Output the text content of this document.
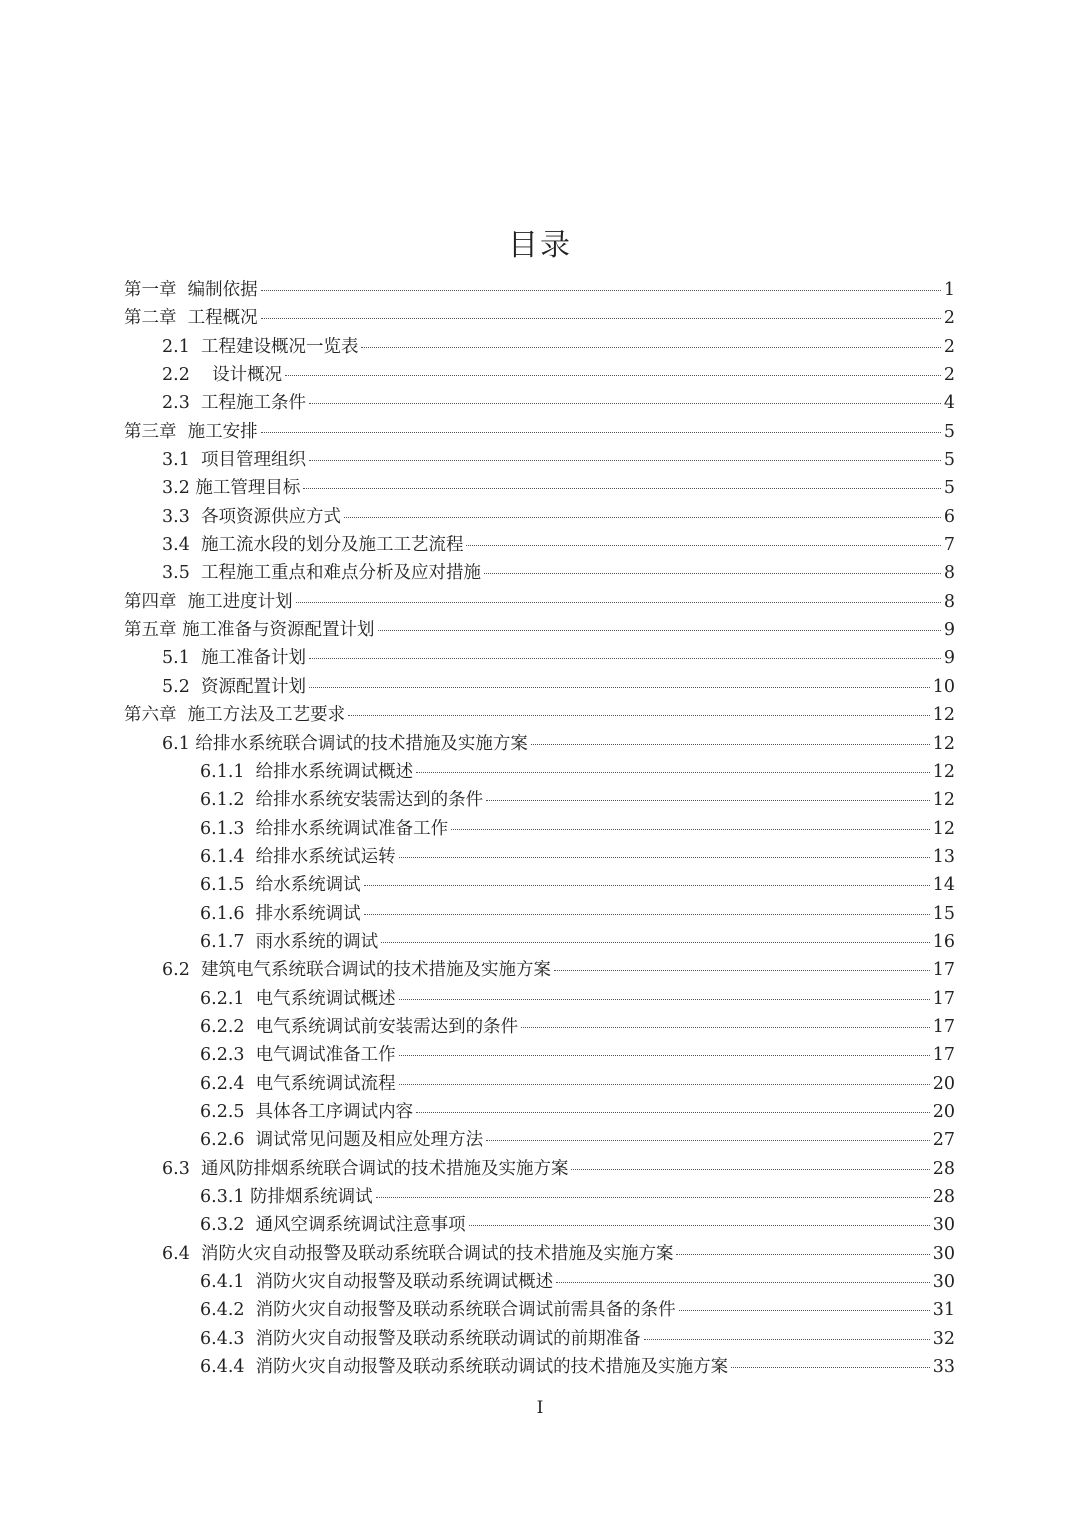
目录
第一章  编制依据	1
第二章  工程概况	2
2.1  工程建设概况一览表	2
2.2    设计概况	2
2.3  工程施工条件	4
第三章  施工安排	5
3.1  项目管理组织	5
3.2 施工管理目标	5
3.3  各项资源供应方式	6
3.4  施工流水段的划分及施工工艺流程	7
3.5  工程施工重点和难点分析及应对措施	8
第四章  施工进度计划	8
第五章 施工准备与资源配置计划	9
5.1  施工准备计划	9
5.2  资源配置计划	10
第六章  施工方法及工艺要求	12
6.1 给排水系统联合调试的技术措施及实施方案	12
6.1.1  给排水系统调试概述	12
6.1.2  给排水系统安装需达到的条件	12
6.1.3  给排水系统调试准备工作	12
6.1.4  给排水系统试运转	13
6.1.5  给水系统调试	14
6.1.6  排水系统调试	15
6.1.7  雨水系统的调试	16
6.2  建筑电气系统联合调试的技术措施及实施方案	17
6.2.1  电气系统调试概述	17
6.2.2  电气系统调试前安装需达到的条件	17
6.2.3  电气调试准备工作	17
6.2.4  电气系统调试流程	20
6.2.5  具体各工序调试内容	20
6.2.6  调试常见问题及相应处理方法	27
6.3  通风防排烟系统联合调试的技术措施及实施方案	28
6.3.1 防排烟系统调试	28
6.3.2  通风空调系统调试注意事项	30
6.4  消防火灾自动报警及联动系统联合调试的技术措施及实施方案	30
6.4.1  消防火灾自动报警及联动系统调试概述	30
6.4.2  消防火灾自动报警及联动系统联合调试前需具备的条件	31
6.4.3  消防火灾自动报警及联动系统联动调试的前期准备	32
6.4.4  消防火灾自动报警及联动系统联动调试的技术措施及实施方案	33
I
